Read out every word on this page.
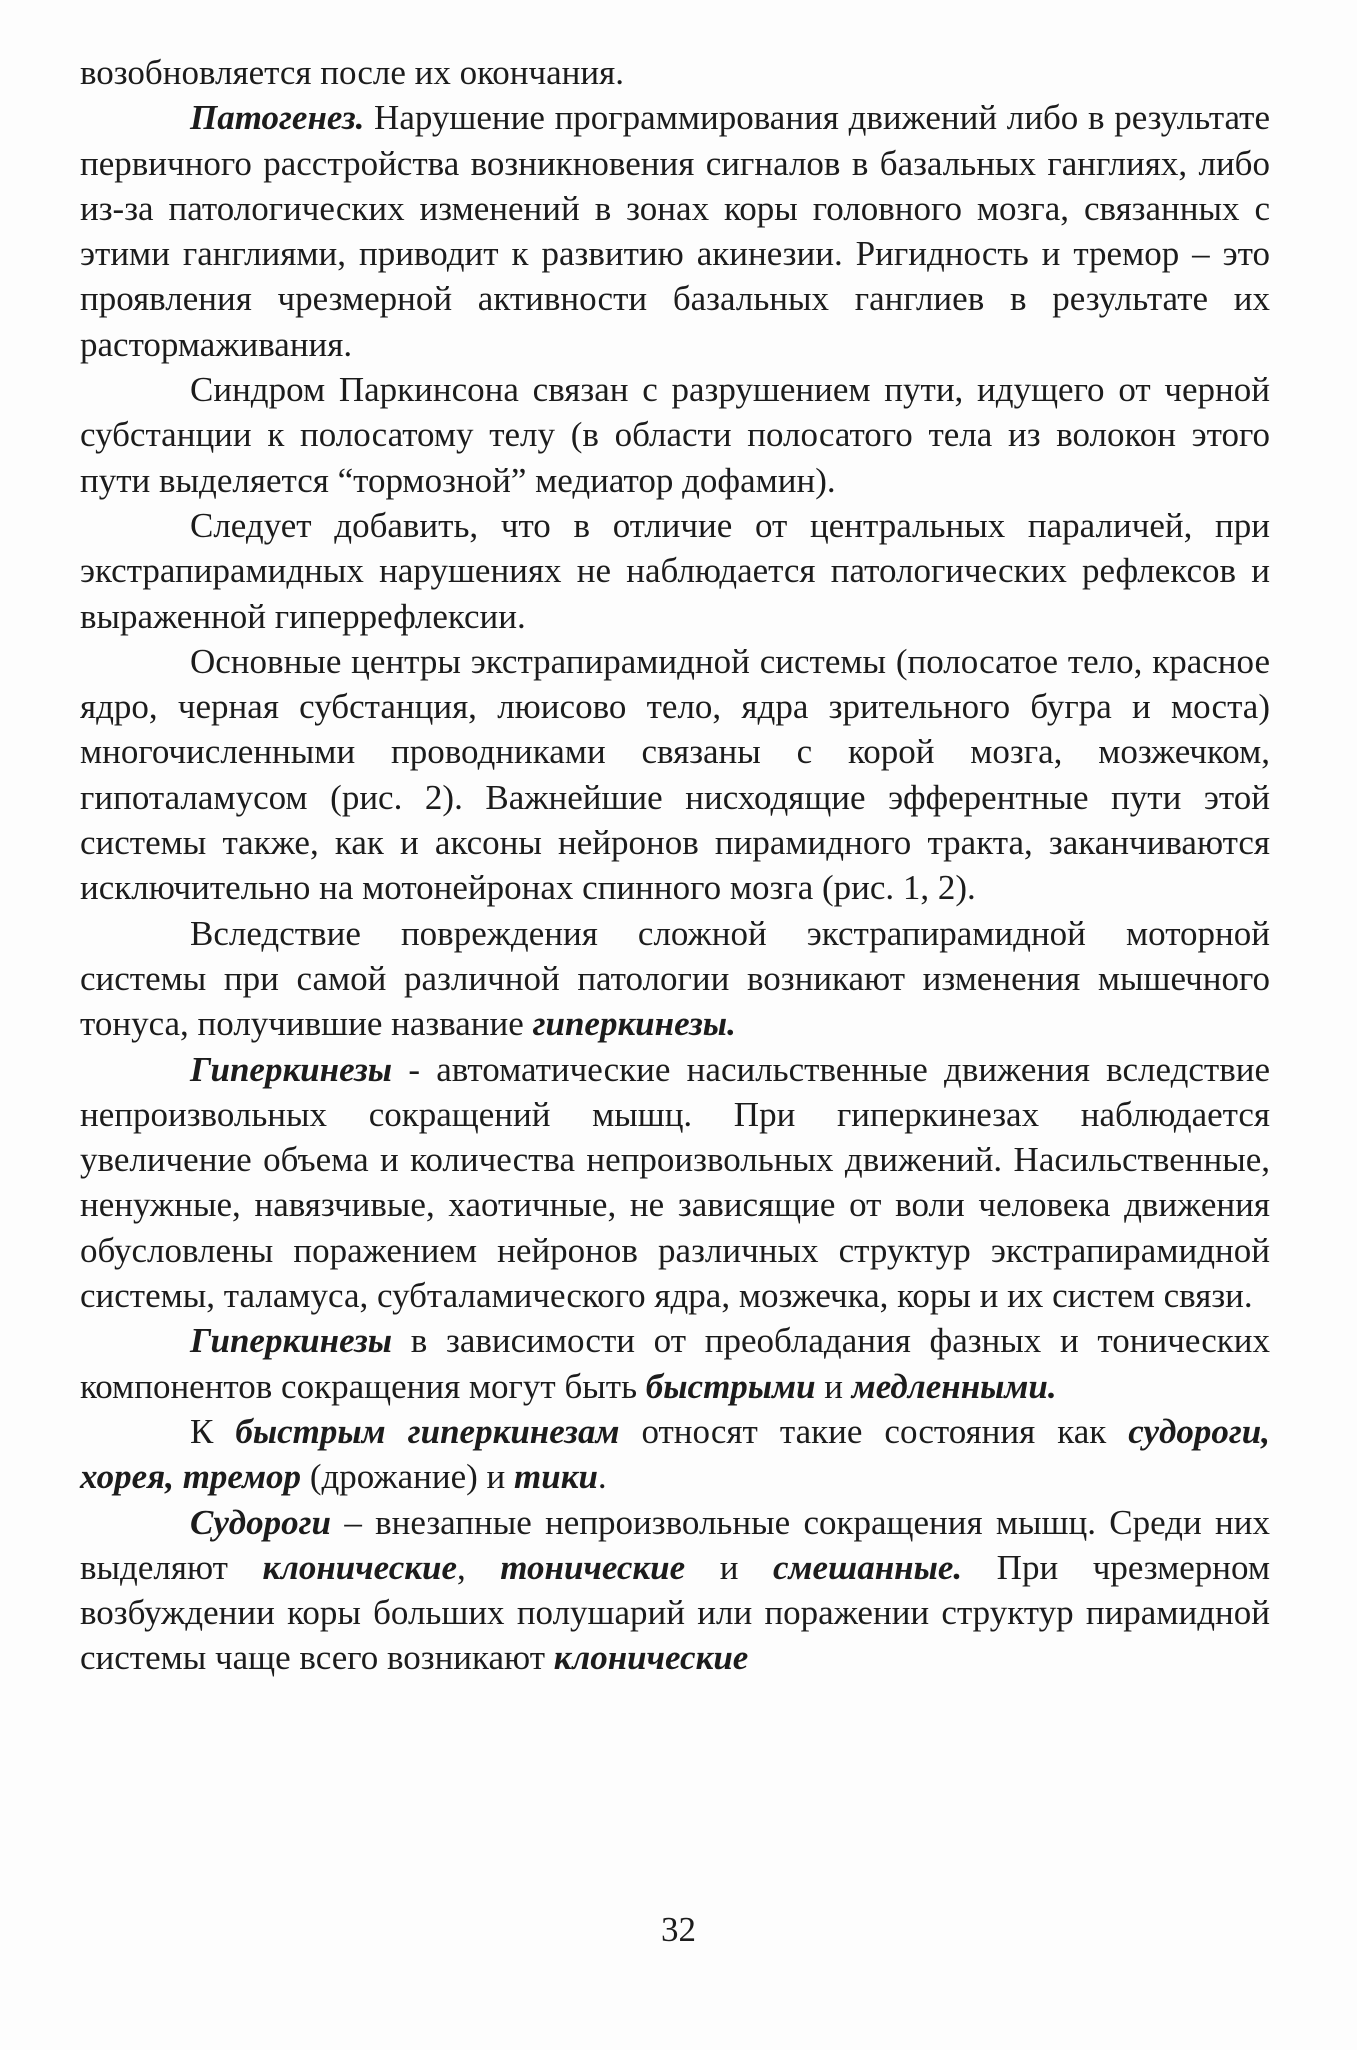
возобновляется после их окончания.

Патогенез. Нарушение программирования движений либо в результате первичного расстройства возникновения сигналов в базальных ганглиях, либо из-за патологических изменений в зонах коры головного мозга, связанных с этими ганглиями, приводит к развитию акинезии. Ригидность и тремор – это проявления чрезмерной активности базальных ганглиев в результате их растормаживания.

Синдром Паркинсона связан с разрушением пути, идущего от черной субстанции к полосатому телу (в области полосатого тела из волокон этого пути выделяется “тормозной” медиатор дофамин).

Следует добавить, что в отличие от центральных параличей, при экстрапирамидных нарушениях не наблюдается патологических рефлексов и выраженной гиперрефлексии.

Основные центры экстрапирамидной системы (полосатое тело, красное ядро, черная субстанция, люисово тело, ядра зрительного бугра и моста) многочисленными проводниками связаны с корой мозга, мозжечком, гипоталамусом (рис. 2). Важнейшие нисходящие эфферентные пути этой системы также, как и аксоны нейронов пирамидного тракта, заканчиваются исключительно на мотонейронах спинного мозга (рис. 1, 2).

Вследствие повреждения сложной экстрапирамидной моторной системы при самой различной патологии возникают изменения мышечного тонуса, получившие название гиперкинезы.

Гиперкинезы - автоматические насильственные движения вследствие непроизвольных сокращений мышц. При гиперкинезах наблюдается увеличение объема и количества непроизвольных движений. Насильственные, ненужные, навязчивые, хаотичные, не зависящие от воли человека движения обусловлены поражением нейронов различных структур экстрапирамидной системы, таламуса, субталамического ядра, мозжечка, коры и их систем связи.

Гиперкинезы в зависимости от преобладания фазных и тонических компонентов сокращения могут быть быстрыми и медленными.

К быстрым гиперкинезам относят такие состояния как судороги, хорея, тремор (дрожание) и тики.

Судороги – внезапные непроизвольные сокращения мышц. Среди них выделяют клонические, тонические и смешанные. При чрезмерном возбуждении коры больших полушарий или поражении структур пирамидной системы чаще всего возникают клонические

32
